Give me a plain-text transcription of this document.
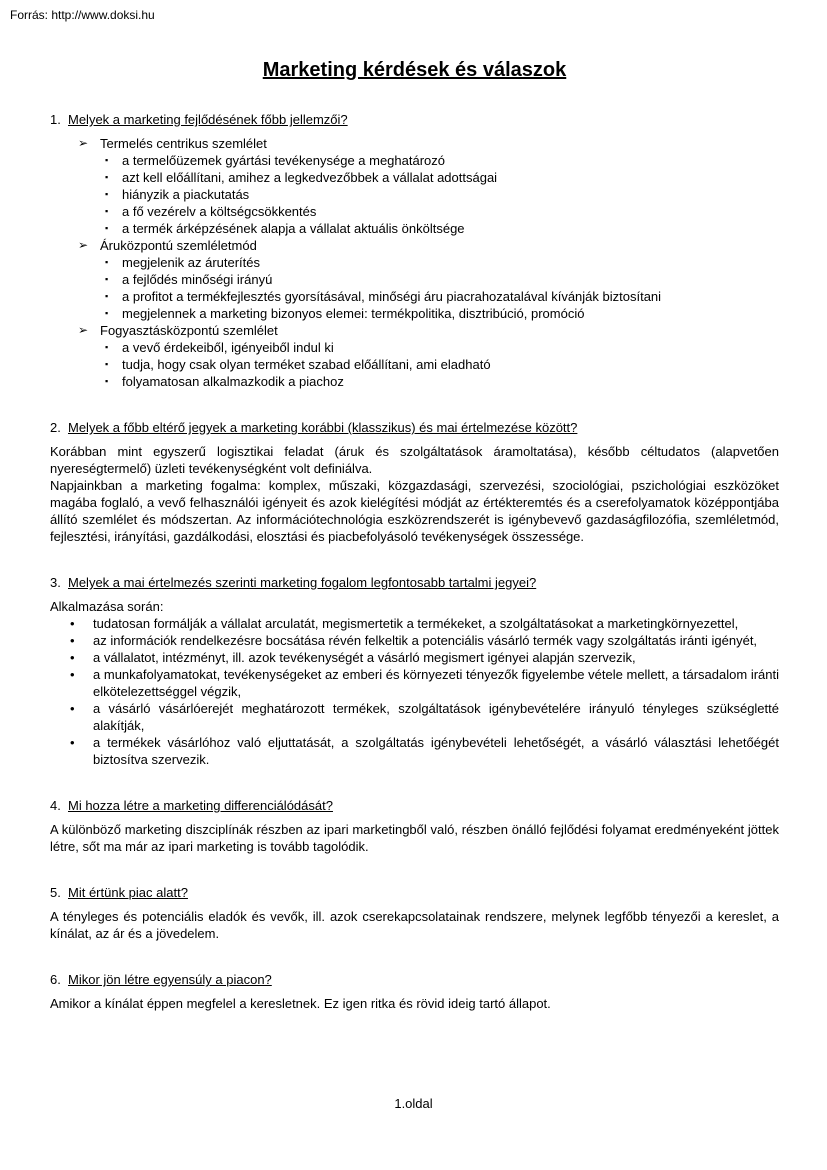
Forrás: http://www.doksi.hu
Marketing kérdések és válaszok
1. Melyek a marketing fejlődésének főbb jellemzői?
➢ Termelés centrikus szemlélet
▪	a termelőüzemek gyártási tevékenysége a meghatározó
▪	azt kell előállítani, amihez a legkedvezőbbek a vállalat adottságai
▪	hiányzik a piackutatás
▪	a fő vezérelv a költségcsökkentés
▪	a termék árképzésének alapja a vállalat aktuális önköltsége
➢ Áruközpontú szemléletmód
▪	megjelenik az áruterítés
▪	a fejlődés minőségi irányú
▪	a profitot a termékfejlesztés gyorsításával, minőségi áru piacrahozatalával kívánják biztosítani
▪	megjelennek a marketing bizonyos elemei: termékpolitika, disztribúció, promóció
➢ Fogyasztásközpontú szemlélet
▪	a vevő érdekeiből, igényeiből indul ki
▪	tudja, hogy csak olyan terméket szabad előállítani, ami eladható
▪	folyamatosan alkalmazkodik a piachoz
2. Melyek a főbb eltérő jegyek a marketing korábbi (klasszikus) és mai értelmezése között?

Korábban mint egyszerű logisztikai feladat (áruk és szolgáltatások áramoltatása), később céltudatos (alapvetően nyereségtermelő) üzleti tevékenységként volt definiálva.

Napjainkban a marketing fogalma: komplex, műszaki, közgazdasági, szervezési, szociológiai, pszichológiai eszközöket magába foglaló, a vevő felhasználói igényeit és azok kielégítési módját az értékteremtés és a cserefolyamatok középpontjába állító szemlélet és módszertan. Az információtechnológia eszközrendszerét is igénybevevő gazdaságfilozófia, szemléletmód, fejlesztési, irányítási, gazdálkodási, elosztási és piacbefolyásoló tevékenységek összessége.

3. Melyek a mai értelmezés szerinti marketing fogalom legfontosabb tartalmi jegyei?

Alkalmazása során:

•	tudatosan formálják a vállalat arculatát, megismertetik a termékeket, a szolgáltatásokat a marketingkörnyezettel,
•	az információk rendelkezésre bocsátása révén felkeltik a potenciális vásárló termék vagy szolgáltatás iránti igényét,
•	a vállalatot, intézményt, ill. azok tevékenységét a vásárló megismert igényei alapján szervezik,
•	a munkafolyamatokat, tevékenységeket az emberi és környezeti tényezők figyelembe vétele mellett, a társadalom iránti elkötelezettséggel végzik,
•	a vásárló vásárlóerejét meghatározott termékek, szolgáltatások igénybevételére irányuló tényleges szükségletté alakítják,
•	a termékek vásárlóhoz való eljuttatását, a szolgáltatás igénybevételi lehetőségét, a vásárló választási lehetőégét biztosítva szervezik.
4. Mi hozza létre a marketing differenciálódását?

A különböző marketing diszciplínák részben az ipari marketingből való, részben önálló fejlődési folyamat eredményeként jöttek létre, sőt ma már az ipari marketing is tovább tagolódik.

5. Mit értünk piac alatt?

A tényleges és potenciális eladók és vevők, ill. azok cserekapcsolatainak rendszere, melynek legfőbb tényezői a kereslet, a kínálat, az ár és a jövedelem.

6. Mikor jön létre egyensúly a piacon?

Amikor a kínálat éppen megfelel a keresletnek. Ez igen ritka és rövid ideig tartó állapot.

1.oldal
